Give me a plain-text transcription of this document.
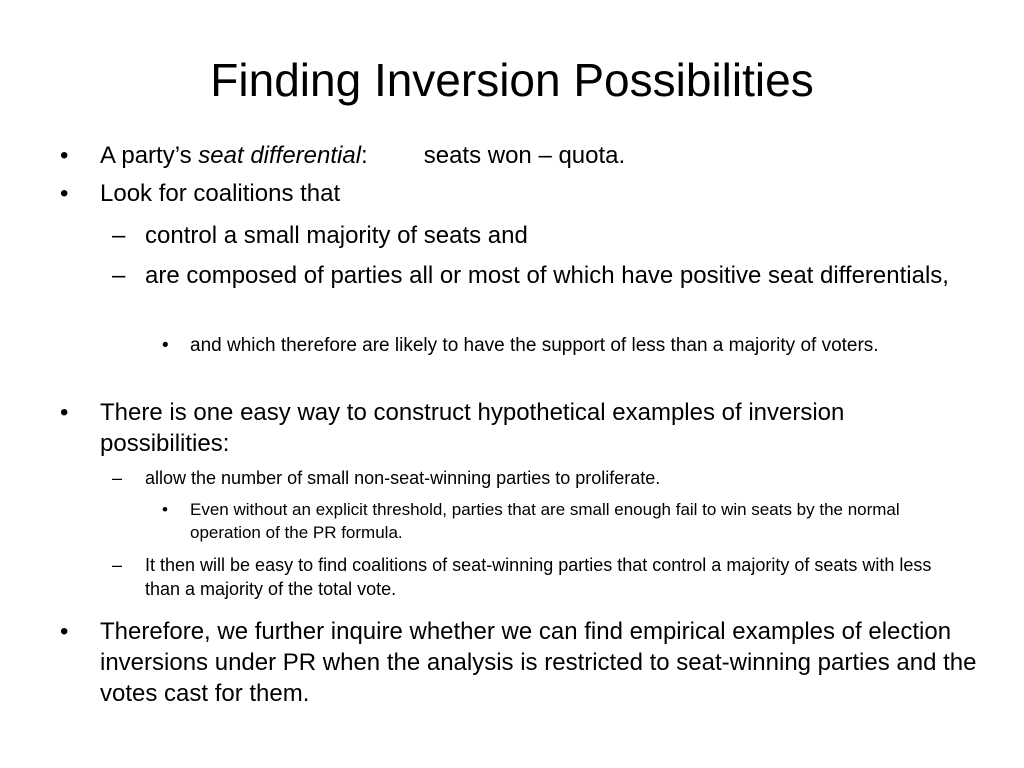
Finding Inversion Possibilities
• A party’s seat differential: seats won – quota.
• Look for coalitions that
– control a small majority of seats and
– are composed of parties all or most of which have positive seat differentials,
• and which therefore are likely to have the support of less than a majority of voters.
• There is one easy way to construct hypothetical examples of inversion possibilities:
– allow the number of small non-seat-winning parties to proliferate.
• Even without an explicit threshold, parties that are small enough fail to win seats by the normal operation of the PR formula.
– It then will be easy to find coalitions of seat-winning parties that control a majority of seats with less than a majority of the total vote.
• Therefore, we further inquire whether we can find empirical examples of election inversions under PR when the analysis is restricted to seat-winning parties and the votes cast for them.
